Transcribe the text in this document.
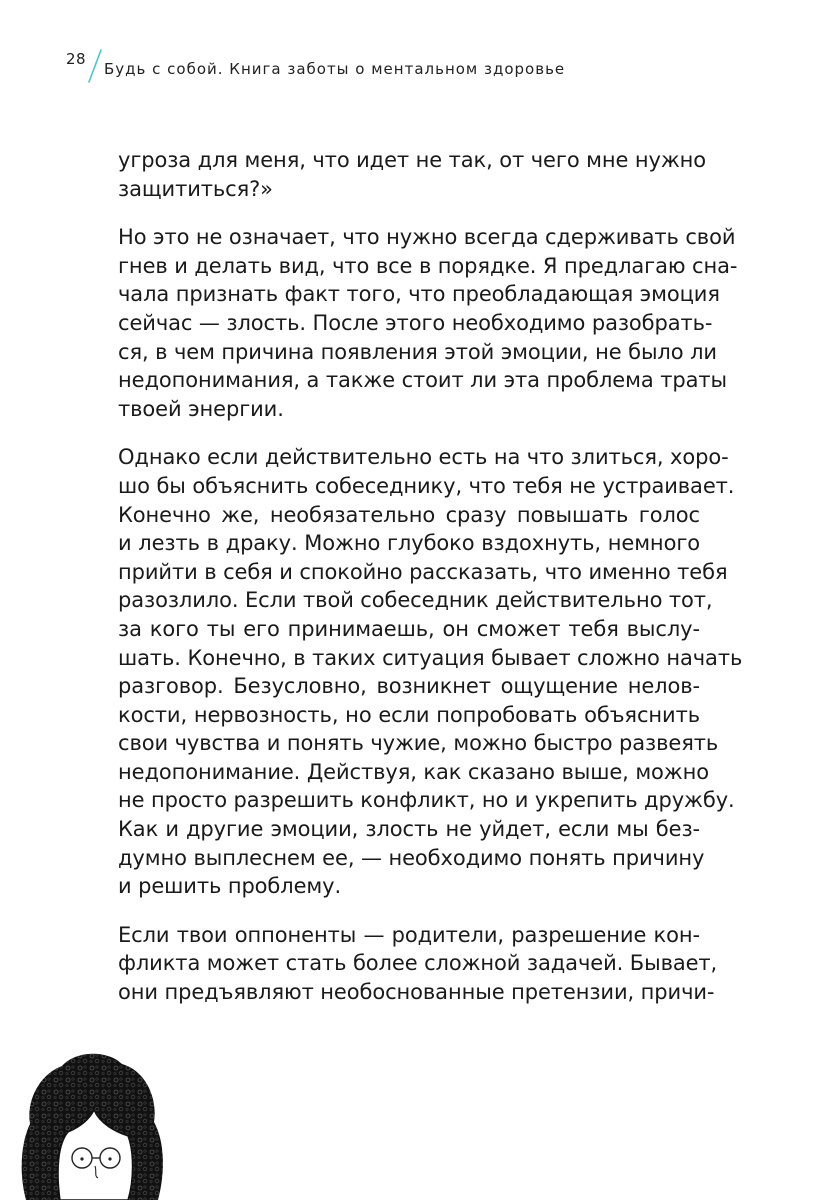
28
Будь с собой. Книга заботы о ментальном здоровье

угроза для меня, что идет не так, от чего мне нужно
защититься?»

Но это не означает, что нужно всегда сдерживать свой
гнев и делать вид, что все в порядке. Я предлагаю сна-
чала признать факт того, что преобладающая эмоция
сейчас — злость. После этого необходимо разобрать-
ся, в чем причина появления этой эмоции, не было ли
недопонимания, а также стоит ли эта проблема траты
твоей энергии.

Однако если действительно есть на что злиться, хоро-
шо бы объяснить собеседнику, что тебя не устраивает.
Конечно же, необязательно сразу повышать голос
и лезть в драку. Можно глубоко вздохнуть, немного
прийти в себя и спокойно рассказать, что именно тебя
разозлило. Если твой собеседник действительно тот,
за кого ты его принимаешь, он сможет тебя выслу-
шать. Конечно, в таких ситуация бывает сложно начать
разговор. Безусловно, возникнет ощущение нелов-
кости, нервозность, но если попробовать объяснить
свои чувства и понять чужие, можно быстро развеять
недопонимание. Действуя, как сказано выше, можно
не просто разрешить конфликт, но и укрепить дружбу.
Как и другие эмоции, злость не уйдет, если мы без-
думно выплеснем ее, — необходимо понять причину
и решить проблему.

Если твои оппоненты — родители, разрешение кон-
фликта может стать более сложной задачей. Бывает,
они предъявляют необоснованные претензии, причи-
